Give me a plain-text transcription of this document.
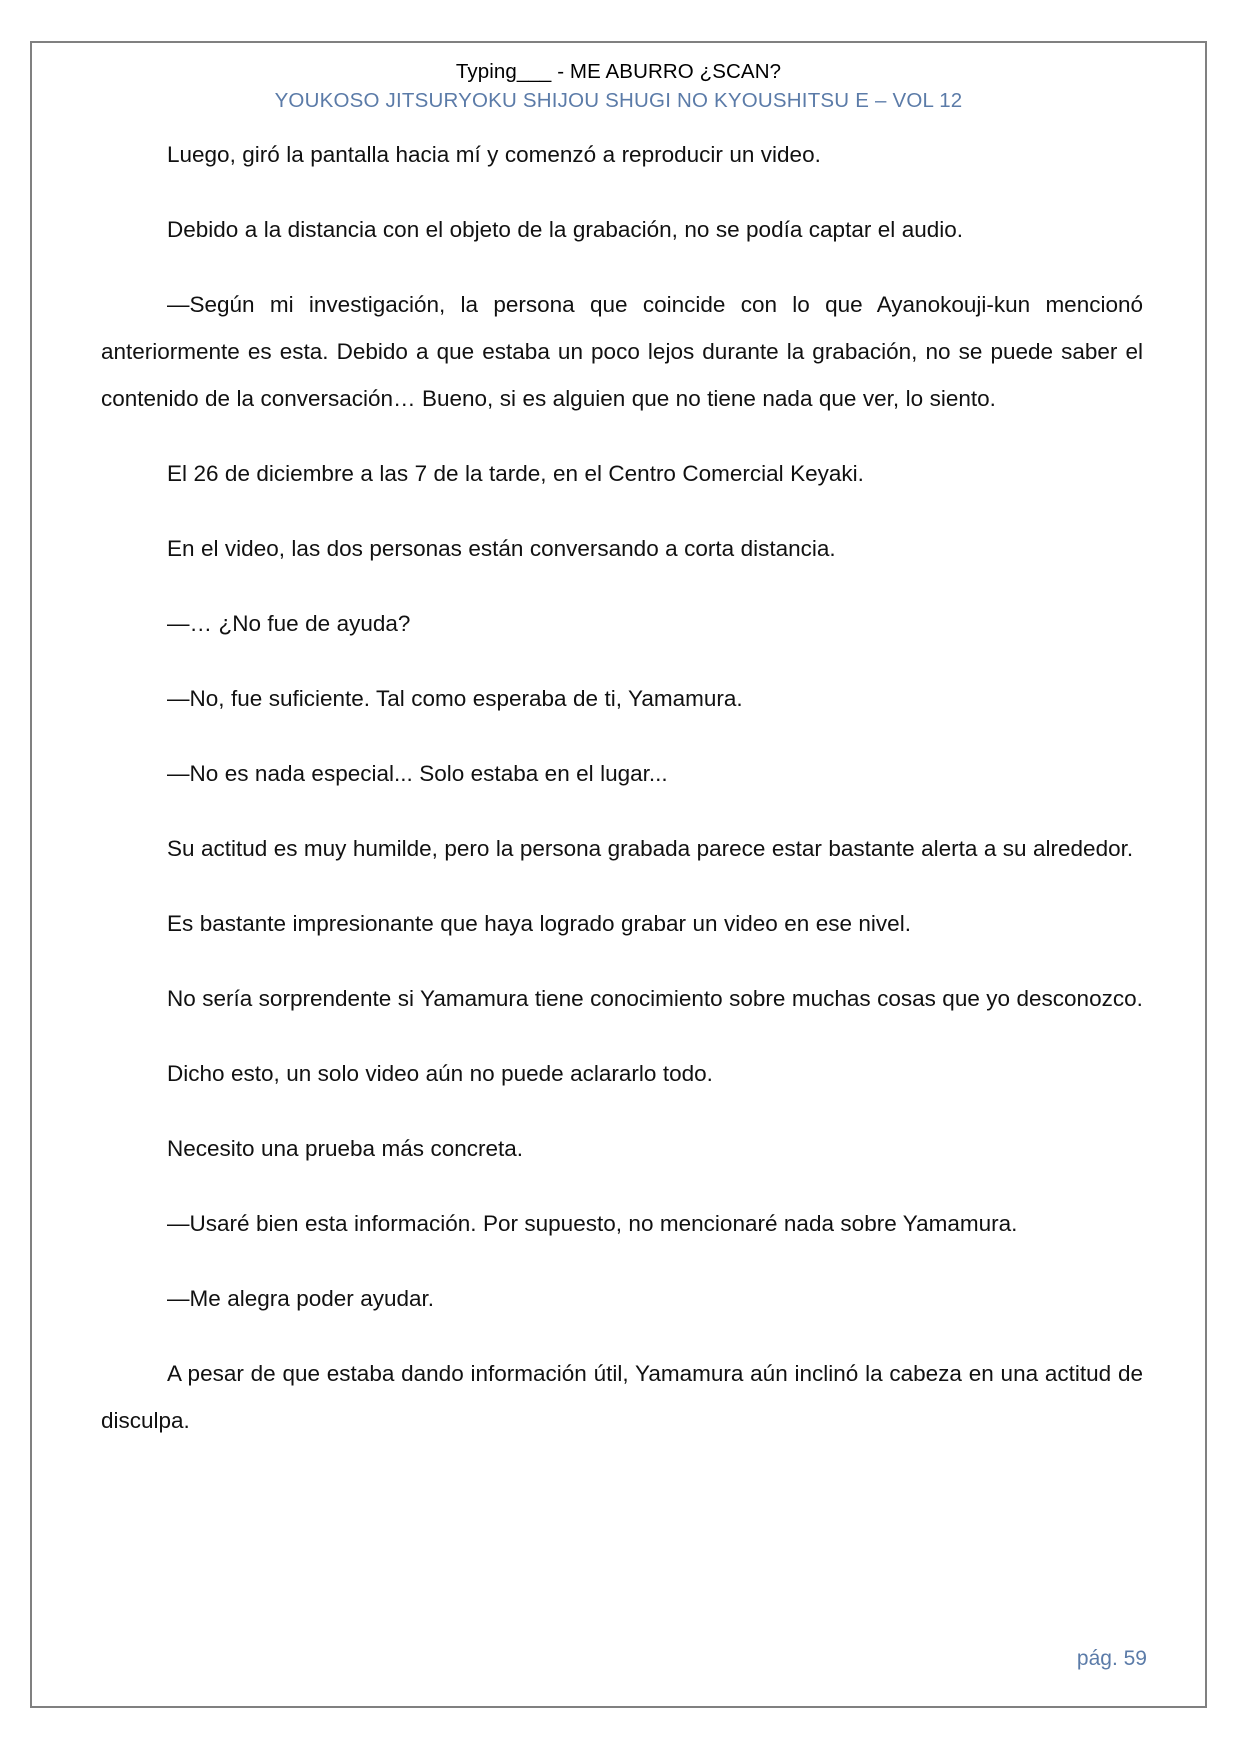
Typing___ - ME ABURRO ¿SCAN?
YOUKOSO JITSURYOKU SHIJOU SHUGI NO KYOUSHITSU E – VOL 12

Luego, giró la pantalla hacia mí y comenzó a reproducir un video.

Debido a la distancia con el objeto de la grabación, no se podía captar el audio.

—Según mi investigación, la persona que coincide con lo que Ayanokouji-kun mencionó anteriormente es esta. Debido a que estaba un poco lejos durante la grabación, no se puede saber el contenido de la conversación… Bueno, si es alguien que no tiene nada que ver, lo siento.

El 26 de diciembre a las 7 de la tarde, en el Centro Comercial Keyaki.

En el video, las dos personas están conversando a corta distancia.

—… ¿No fue de ayuda?

—No, fue suficiente. Tal como esperaba de ti, Yamamura.

—No es nada especial... Solo estaba en el lugar...

Su actitud es muy humilde, pero la persona grabada parece estar bastante alerta a su alrededor.

Es bastante impresionante que haya logrado grabar un video en ese nivel.

No sería sorprendente si Yamamura tiene conocimiento sobre muchas cosas que yo desconozco.

Dicho esto, un solo video aún no puede aclararlo todo.

Necesito una prueba más concreta.

—Usaré bien esta información. Por supuesto, no mencionaré nada sobre Yamamura.

—Me alegra poder ayudar.

A pesar de que estaba dando información útil, Yamamura aún inclinó la cabeza en una actitud de disculpa.

pág. 59
